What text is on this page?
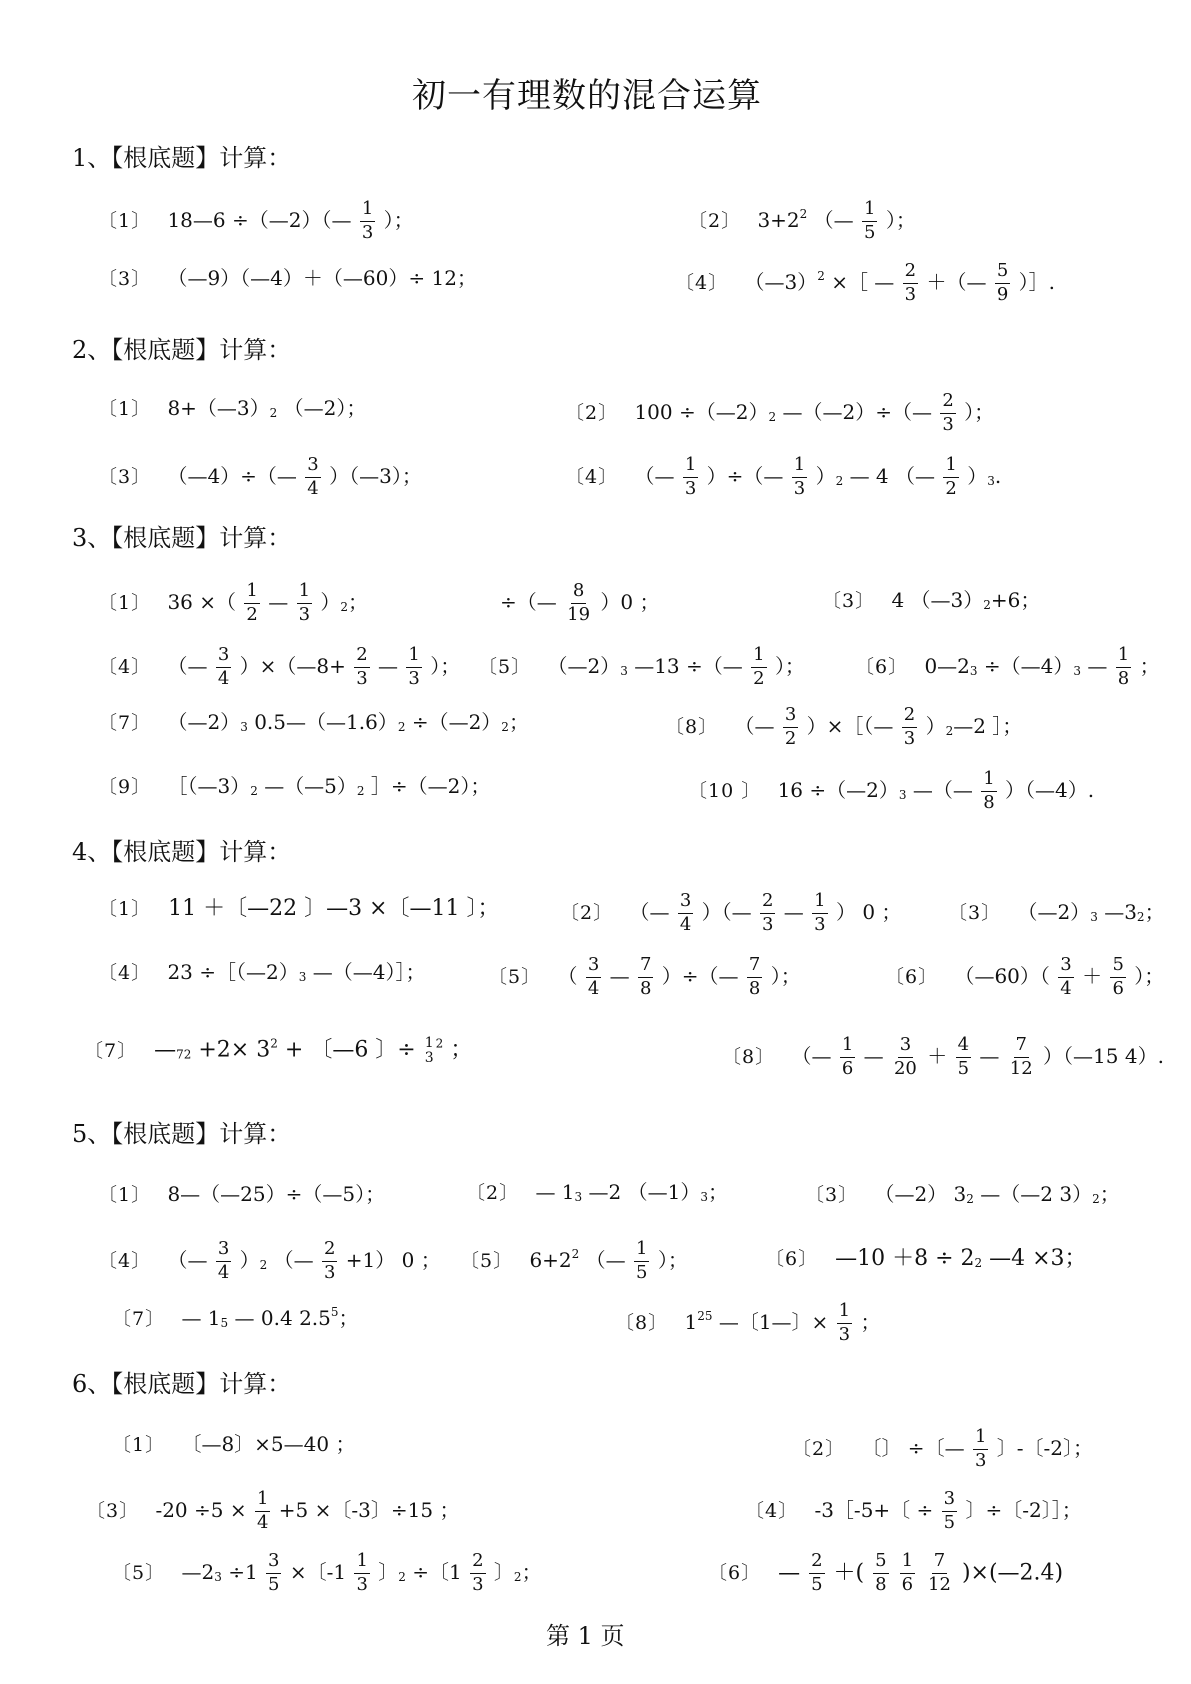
初一有理数的混合运算
1、【根底题】计算：
〔1〕 18—6 ÷（—2）（— $\frac{1}{3}$ ）；	〔2〕 $3+2^2$ （— $\frac{1}{5}$ ）；
〔3〕 （—9）（—4）＋（—60）÷ 12；	〔4〕 （—3）$^2$ ×［ — $\frac{2}{3}$ ＋（— $\frac{5}{9}$ ）］.
2、【根底题】计算：
〔1〕 $8+(—3)_2$ （—2）；	〔2〕 $100 \div(—2)_2$ —（—2）÷（— $\frac{2}{3}$ ）；
〔3〕 （—4）÷（— $\frac{3}{4}$ ）（—3）；	〔4〕 （— $\frac{1}{3}$ ）÷（— $\frac{1}{3} )_2$ — 4 （— $\frac{1}{2} )_3$.
3、【根底题】计算：
〔1〕 36 ×（ $\frac{1}{2}$ — $\frac{1}{3} )_2$；	÷（— $\frac{8}{19} )0$ ；	〔3〕 4 $(—3)_2+6$；
〔4〕 （— $\frac{3}{4}$ ）×（—8+ $\frac{2}{3}$ — $\frac{1}{3}$ ）； 〔5〕 $(—2)_3$ —13 ÷（— $\frac{1}{2}$ ）；	〔6〕 $0—2_3$ $\div(—4)_3$ — $\frac{1}{8}$ ；
〔7〕 $(—2)_3$ $0.5—(—1.6)_2$ $\div(—2)_2$；	〔8〕 （— $\frac{3}{2}$ ）×［（— $\frac{2}{3}$ ）$_2—2$ ］；
〔9〕 $[(—3)_2$ $—(—5)_2$ ］÷（—2）；	〔10 〕 $16 \div(—2)_3$ —（— $\frac{1}{8}$ ）（—4）.
4、【根底题】计算：
〔1〕 11 ＋〔—22 〕—3 ×〔—11 〕；	〔2〕 （— $\frac{3}{4}$ ）（— $\frac{2}{3}$ — $\frac{1}{3}$ ） 0 ； 〔3〕 $(—2)_3$ $—3_2$；
〔4〕 $23 \div[(—2)_3$ —（—4）］；	〔5〕 （ $\frac{3}{4}$ — $\frac{7}{8}$ ）÷（— $\frac{7}{8}$ ）；	〔6〕 （—60）（ $\frac{3}{4} + \frac{5}{6}$ ）；
〔7〕 $—_{72} +2\times 3^2$ + 〔—6 〕÷ 1
3
$^2$ ；	〔8〕 （— $\frac{1}{6}$ — $\frac{3}{20} + \frac{4}{5}$ — $\frac{7}{12}$ ）（—15 4）.
5、【根底题】计算：
〔1〕 8—（—25）÷（—5）；	〔2〕 — $1_3$ —2 $(—1)_3$；	〔3〕 （—2） $3_2$ —（—2 $3)_2$；
〔4〕 （— $\frac{3}{4} )_2$ （— $\frac{2}{3} +1$） 0 ； 〔5〕 $6+2^2$ （— $\frac{1}{5}$ ）；	〔6〕 —10 $+8 \div 2_2$ —4 ×3；
〔7〕 — $1_5$ — 0.4 $2.5^5$；	〔8〕 $1^{25}$ —〔1—〕× $\frac{1}{3}$ ；
6、【根底题】计算：
〔1〕 〔—8〕×5—40 ；	〔2〕 〔〕 ÷〔— $\frac{1}{3}$ 〕-〔-2〕；
〔3〕 $-20 \div 5 \times \frac{1}{4} +5$ ×〔-3〕÷15 ；	〔4〕 -3［-5+〔 ÷ $\frac{3}{5}$ 〕÷〔-2〕］；
〔5〕 $—2_3 \div 1 \frac{3}{5}$ ×〔$-1 \frac{1}{3}$ 〕$_2$ ÷〔$1 \frac{2}{3}$ 〕$_2$；	〔6〕 — $\frac{2}{5}$ ＋( $\frac{5}{8}$
$\frac{1}{6}$
$\frac{7}{12}$ )×(—2.4)
第 1 页
